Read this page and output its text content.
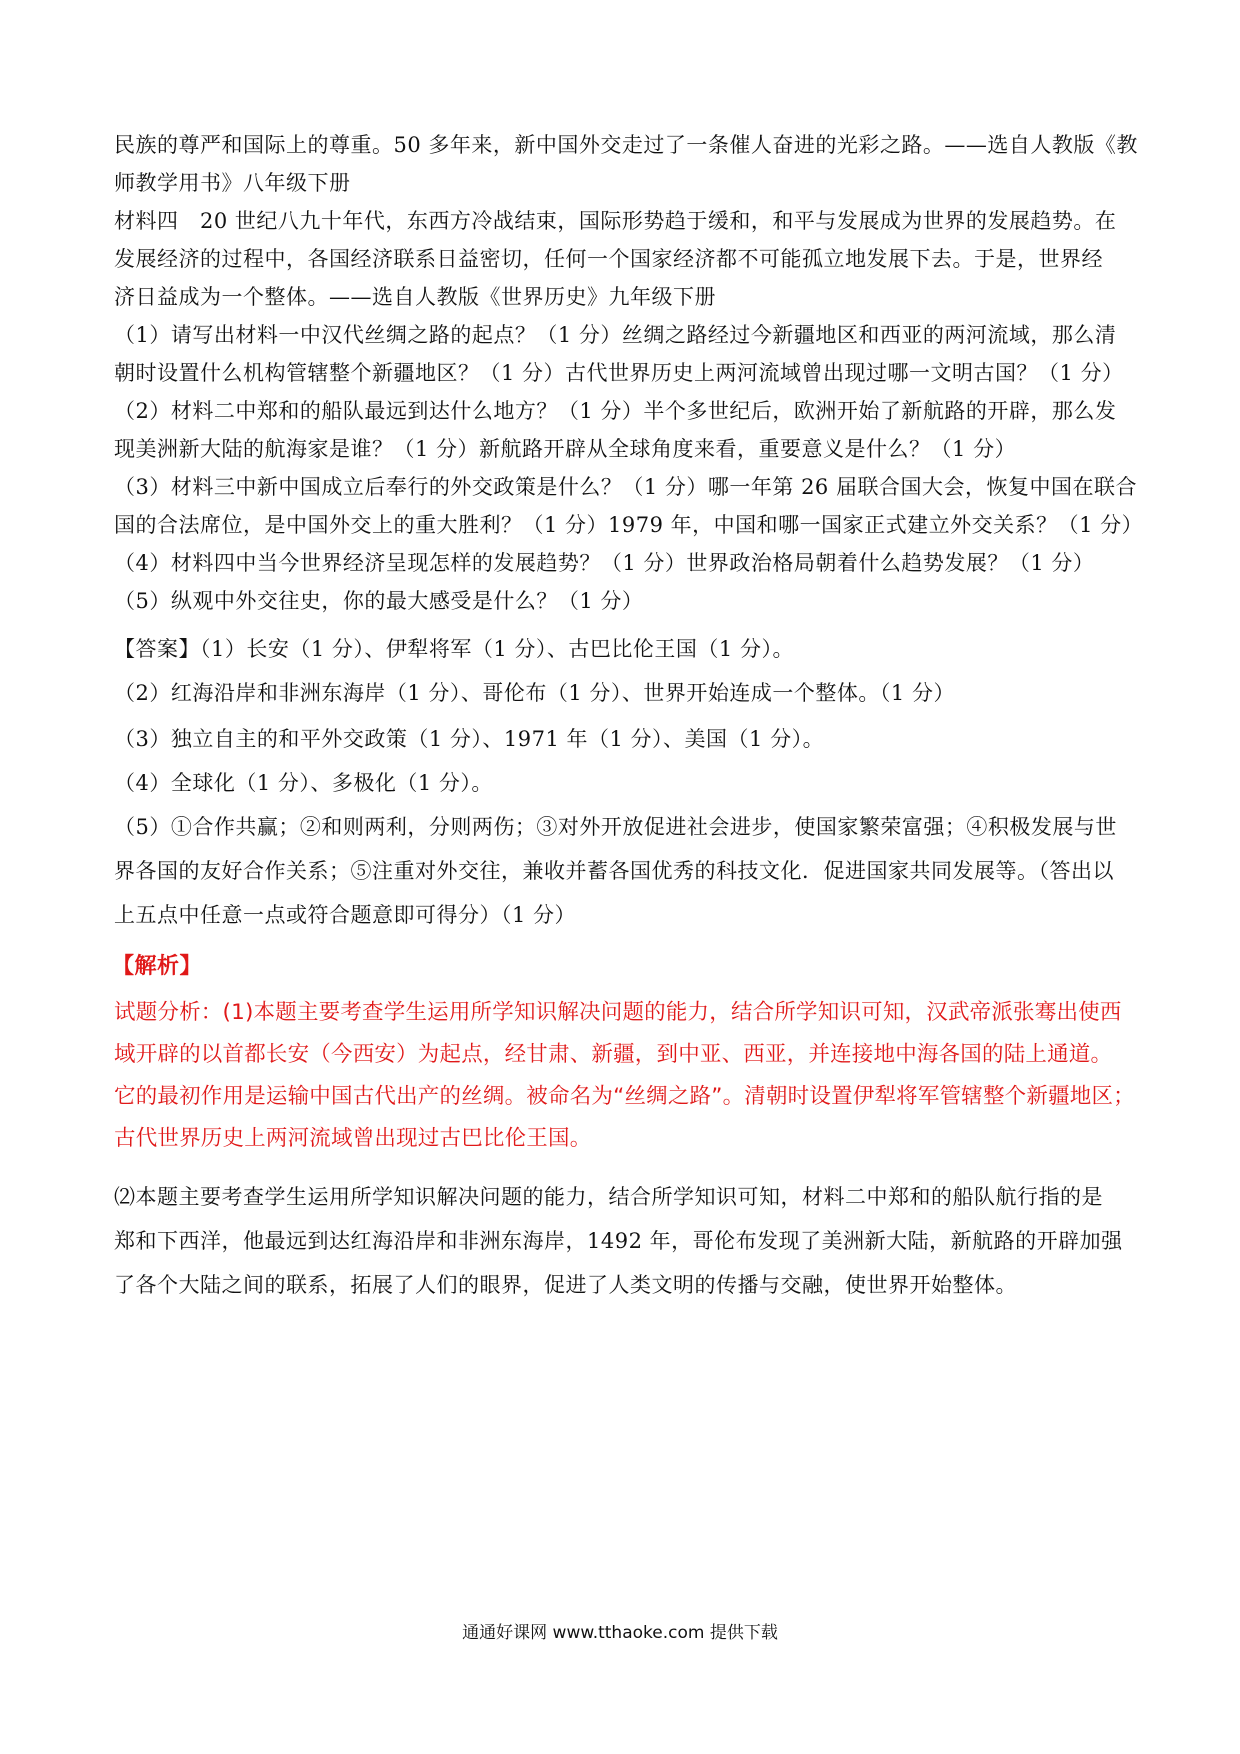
民族的尊严和国际上的尊重。50 多年来，新中国外交走过了一条催人奋进的光彩之路。——选自人教版《教
师教学用书》八年级下册
材料四　20 世纪八九十年代，东西方冷战结束，国际形势趋于缓和，和平与发展成为世界的发展趋势。在
发展经济的过程中，各国经济联系日益密切，任何一个国家经济都不可能孤立地发展下去。于是，世界经
济日益成为一个整体。——选自人教版《世界历史》九年级下册
（1）请写出材料一中汉代丝绸之路的起点？（1 分）丝绸之路经过今新疆地区和西亚的两河流域，那么清
朝时设置什么机构管辖整个新疆地区？（1 分）古代世界历史上两河流域曾出现过哪一文明古国？（1 分）
（2）材料二中郑和的船队最远到达什么地方？（1 分）半个多世纪后，欧洲开始了新航路的开辟，那么发
现美洲新大陆的航海家是谁？（1 分）新航路开辟从全球角度来看，重要意义是什么？（1 分）
（3）材料三中新中国成立后奉行的外交政策是什么？（1 分）哪一年第 26 届联合国大会，恢复中国在联合
国的合法席位，是中国外交上的重大胜利？（1 分）1979 年，中国和哪一国家正式建立外交关系？（1 分）
（4）材料四中当今世界经济呈现怎样的发展趋势？（1 分）世界政治格局朝着什么趋势发展？（1 分）
（5）纵观中外交往史，你的最大感受是什么？（1 分）
【答案】（1）长安（1 分）、伊犁将军（1 分）、古巴比伦王国（1 分）。
（2）红海沿岸和非洲东海岸（1 分）、哥伦布（1 分）、世界开始连成一个整体。（1 分）
（3）独立自主的和平外交政策（1 分）、1971 年（1 分）、美国（1 分）。
（4）全球化（1 分）、多极化（1 分）。
（5）①合作共赢；②和则两利，分则两伤；③对外开放促进社会进步，使国家繁荣富强；④积极发展与世
界各国的友好合作关系；⑤注重对外交往，兼收并蓄各国优秀的科技文化．促进国家共同发展等。（答出以
上五点中任意一点或符合题意即可得分）（1 分）
【解析】
试题分析：(1)本题主要考查学生运用所学知识解决问题的能力，结合所学知识可知，汉武帝派张骞出使西
域开辟的以首都长安（今西安）为起点，经甘肃、新疆，到中亚、西亚，并连接地中海各国的陆上通道。
它的最初作用是运输中国古代出产的丝绸。被命名为“丝绸之路”。清朝时设置伊犁将军管辖整个新疆地区；
古代世界历史上两河流域曾出现过古巴比伦王国。
⑵本题主要考查学生运用所学知识解决问题的能力，结合所学知识可知，材料二中郑和的船队航行指的是
郑和下西洋，他最远到达红海沿岸和非洲东海岸，1492 年，哥伦布发现了美洲新大陆，新航路的开辟加强
了各个大陆之间的联系，拓展了人们的眼界，促进了人类文明的传播与交融，使世界开始整体。
通通好课网 www.tthaoke.com 提供下载
